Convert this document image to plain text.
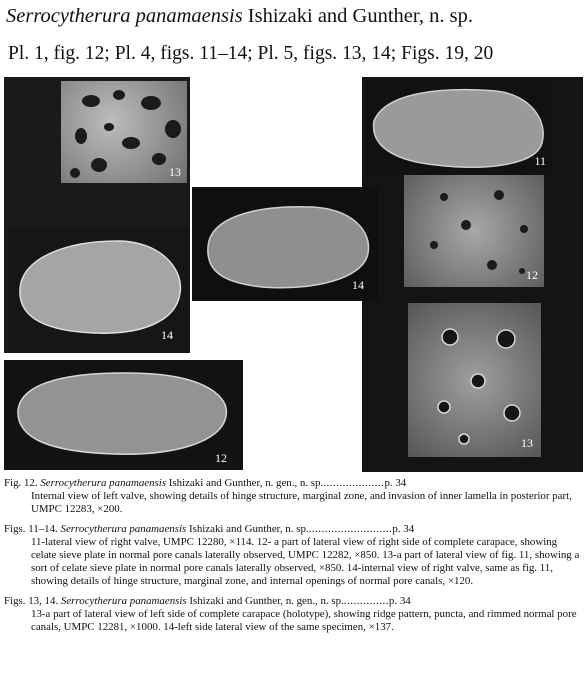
Serrocytherura panamaensis Ishizaki and Gunther, n. sp.
Pl. 1, fig. 12; Pl. 4, figs. 11–14; Pl. 5, figs. 13, 14; Figs. 19, 20
13
11
14
14
12
12
13
Fig. 12. Serrocytherura panamaensis Ishizaki and Gunther, n. gen., n. sp....................p. 34
Internal view of left valve, showing details of hinge structure, marginal zone, and invasion of inner lamella in posterior part, UMPC 12283, ×200.
Figs. 11–14. Serrocytherura panamaensis Ishizaki and Gunther, n. sp...........................p. 34
11-lateral view of right valve, UMPC 12280, ×114. 12- a part of lateral view of right side of complete carapace, showing celate sieve plate in normal pore canals laterally observed, UMPC 12282, ×850. 13-a part of lateral view of fig. 11, showing a sort of celate sieve plate in normal pore canals laterally observed, ×850. 14-internal view of right valve, same as fig. 11, showing details of hinge structure, marginal zone, and internal openings of normal pore canals, ×120.
Figs. 13, 14. Serrocytherura panamaensis Ishizaki and Gunther, n. gen., n. sp...............p. 34
13-a part of lateral view of left side of complete carapace (holotype), showing ridge pattern, puncta, and rimmed normal pore canals, UMPC 12281, ×1000. 14-left side lateral view of the same specimen, ×137.
